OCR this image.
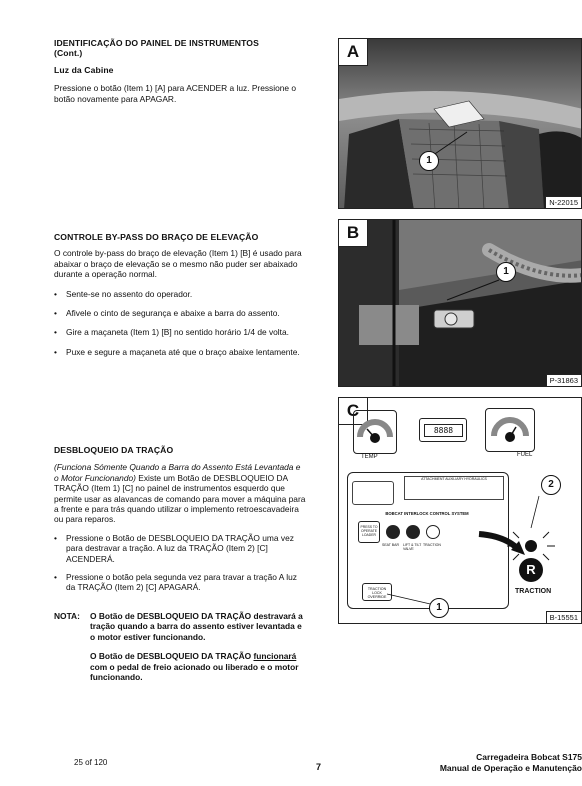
IDENTIFICAÇÃO DO PAINEL DE INSTRUMENTOS
(Cont.)
Luz da Cabine

Pressione o botão (Item 1) [A] para ACENDER a luz. Pressione o botão novamente para APAGAR.

CONTROLE BY-PASS DO BRAÇO DE ELEVAÇÃO

O controle by-pass do braço de elevação (Item 1) [B] é usado para abaixar o braço de elevação se o mesmo não puder ser abaixado durante a operação normal.

• Sente-se no assento do operador.
• Afivele o cinto de segurança e abaixe a barra do assento.
• Gire a maçaneta (Item 1) [B] no sentido horário 1/4 de volta.
• Puxe e segure a maçaneta até que o braço abaixe lentamente.
DESBLOQUEIO DA TRAÇÃO

(Funciona Sómente Quando a Barra do Assento Está Levantada e o Motor Funcionando) Existe um Botão de DESBLOQUEIO DA TRAÇÃO (Item 1) [C] no painel de instrumentos esquerdo que permite usar as alavancas de comando para mover a máquina para a frente e para trás quando utilizar o implemento retroescavadeira ou para reparos.

• Pressione o Botão de DESBLOQUEIO DA TRAÇÃO uma vez para destravar a tração. A luz da TRAÇÃO (Item 2) [C] ACENDERÁ.
• Pressione o botão pela segunda vez para travar a tração A luz da TRAÇÃO (Item 2) [C] APAGARÁ.
NOTA: O Botão de DESBLOQUEIO DA TRAÇÃO destravará a tração quando a barra do assento estiver levantada e o motor estiver funcionando.

O Botão de DESBLOQUEIO DA TRAÇÃO funcionará com o pedal de freio acionado ou liberado e o motor funcionando.

A
1
N-22015
B
1
P-31863
C
TEMP
8888
FUEL
ATTACHMENT AUXILIARY HYDRAULICS
BOBCAT INTERLOCK CONTROL SYSTEM
PRESS TO OPERATE LOADER
SEAT BAR LIFT & TILT VALVE
TRACTION
TRACTION LOCK OVERRIDE
R
TRACTION
2
1
B-15551
25 of 120	7
Carregadeira Bobcat S175
Manual de Operação e Manutenção
